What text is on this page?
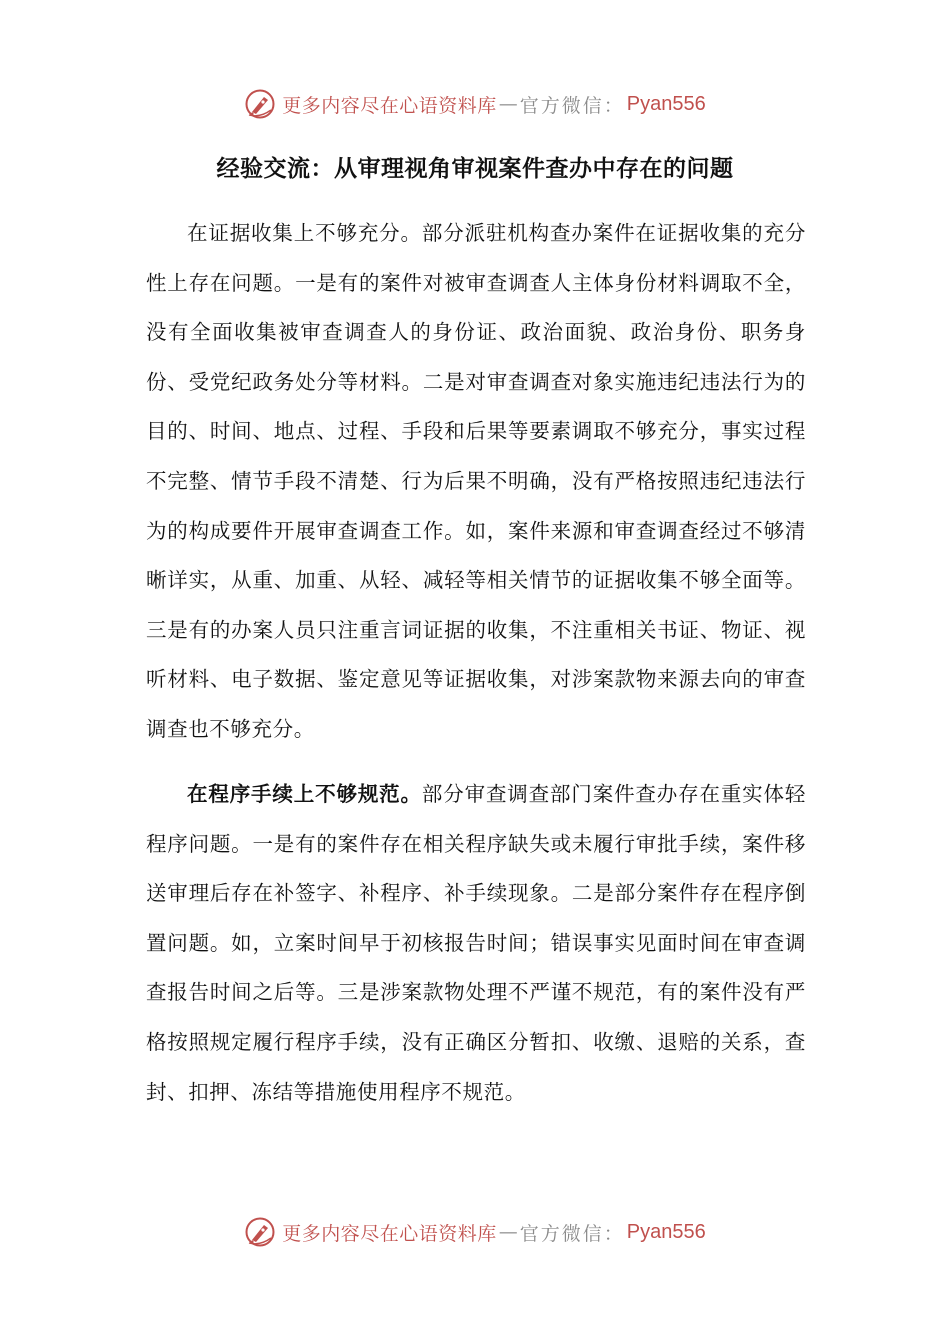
更多内容尽在心语资料库 — 官方微信： Pyan556
经验交流：从审理视角审视案件查办中存在的问题

在证据收集上不够充分。部分派驻机构查办案件在证据收集的充分性上存在问题。一是有的案件对被审查调查人主体身份材料调取不全，没有全面收集被审查调查人的身份证、政治面貌、政治身份、职务身份、受党纪政务处分等材料。二是对审查调查对象实施违纪违法行为的目的、时间、地点、过程、手段和后果等要素调取不够充分，事实过程不完整、情节手段不清楚、行为后果不明确，没有严格按照违纪违法行为的构成要件开展审查调查工作。如，案件来源和审查调查经过不够清晰详实，从重、加重、从轻、减轻等相关情节的证据收集不够全面等。三是有的办案人员只注重言词证据的收集，不注重相关书证、物证、视听材料、电子数据、鉴定意见等证据收集，对涉案款物来源去向的审查调查也不够充分。

在程序手续上不够规范。部分审查调查部门案件查办存在重实体轻程序问题。一是有的案件存在相关程序缺失或未履行审批手续，案件移送审理后存在补签字、补程序、补手续现象。二是部分案件存在程序倒置问题。如，立案时间早于初核报告时间；错误事实见面时间在审查调查报告时间之后等。三是涉案款物处理不严谨不规范，有的案件没有严格按照规定履行程序手续，没有正确区分暂扣、收缴、退赔的关系，查封、扣押、冻结等措施使用程序不规范。

更多内容尽在心语资料库 — 官方微信： Pyan556
